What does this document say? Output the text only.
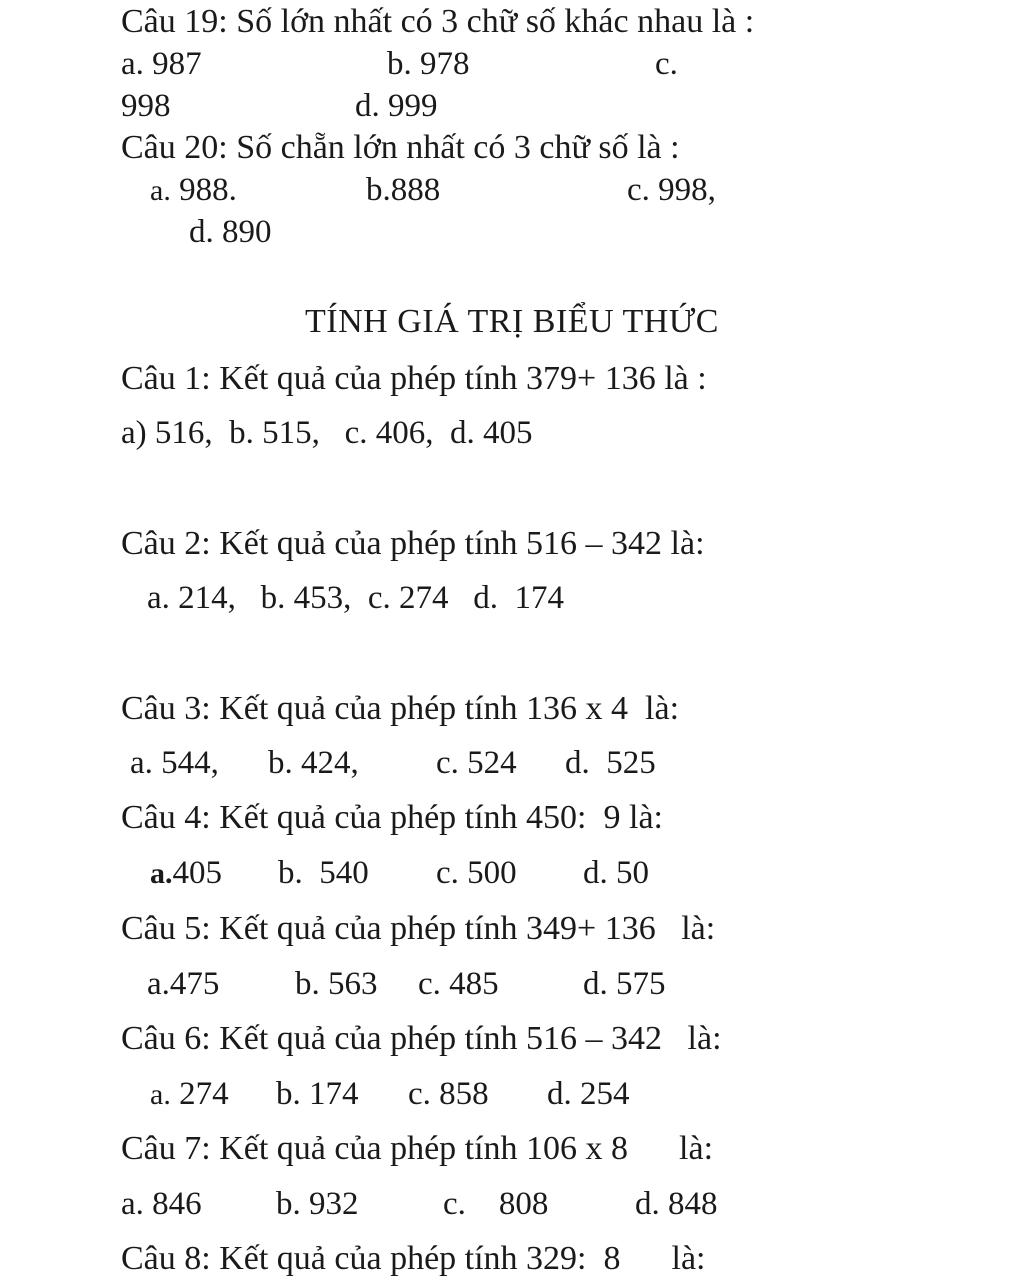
Câu 19: Số lớn nhất có 3 chữ số khác nhau là :
a. 987	b. 978	c.
998	d. 999
Câu 20: Số chẵn lớn nhất có 3 chữ số là :
a. 988.	b.888	c. 998,
d. 890
TÍNH GIÁ TRỊ BIỂU THỨC
Câu 1: Kết quả của phép tính 379+ 136 là :
a) 516,  b. 515,   c. 406,  d. 405
Câu 2: Kết quả của phép tính 516 – 342 là:
a. 214,   b. 453,  c. 274   d.  174
Câu 3: Kết quả của phép tính 136 x 4  là:
a. 544, b. 424, c. 524 d.  525
Câu 4: Kết quả của phép tính 450:  9 là:
a.405 b.  540 c. 500 d. 50
Câu 5: Kết quả của phép tính 349+ 136   là:
a.475 b. 563 c. 485	d. 575
Câu 6: Kết quả của phép tính 516 – 342   là:
a. 274 b. 174 c. 858 d. 254
Câu 7: Kết quả của phép tính 106 x 8      là:
a. 846 b. 932	c.    808	d. 848
Câu 8: Kết quả của phép tính 329:  8      là:
